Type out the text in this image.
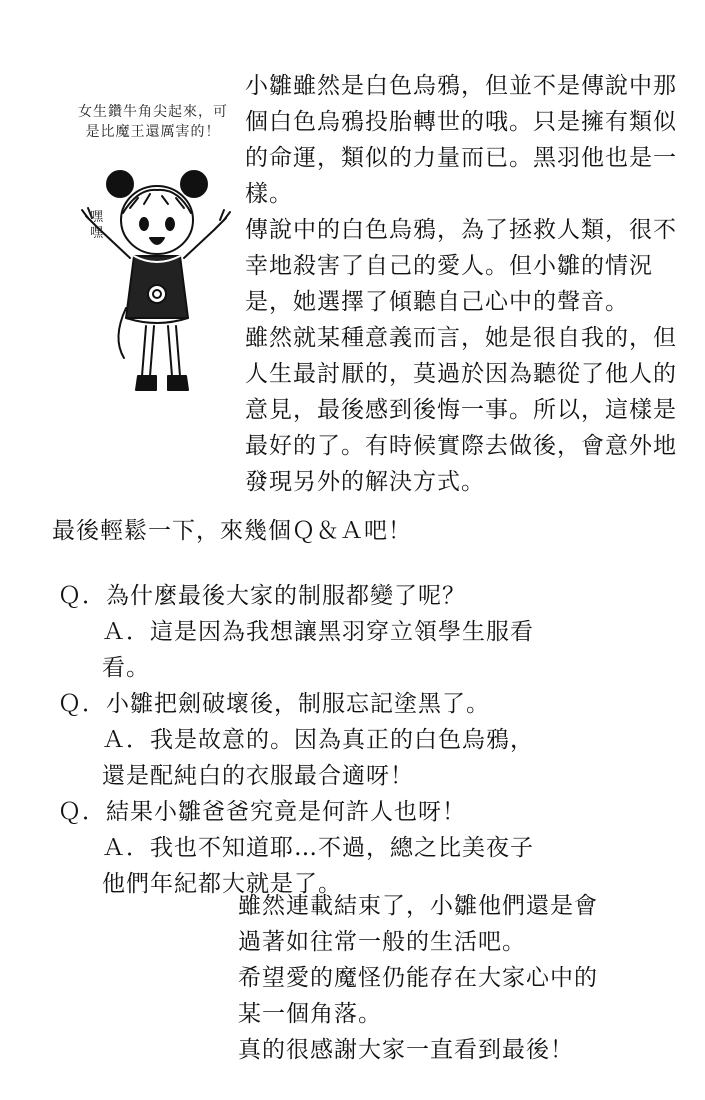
小雛雖然是白色烏鴉，但並不是傳說中那個白色烏鴉投胎轉世的哦。只是擁有類似的命運，類似的力量而已。黑羽他也是一樣。

傳說中的白色烏鴉，為了拯救人類，很不幸地殺害了自己的愛人。但小雛的情況是，她選擇了傾聽自己心中的聲音。

雖然就某種意義而言，她是很自我的，但人生最討厭的，莫過於因為聽從了他人的意見，最後感到後悔一事。所以，這樣是最好的了。有時候實際去做後，會意外地發現另外的解決方式。

女生鑽牛角尖起來，可是比魔王還厲害的！
嘿嘿
最後輕鬆一下，來幾個Ｑ＆Ａ吧！

Ｑ．為什麼最後大家的制服都變了呢？

Ａ．這是因為我想讓黑羽穿立領學生服看看。

Ｑ．小雛把劍破壞後，制服忘記塗黑了。

Ａ．我是故意的。因為真正的白色烏鴉，還是配純白的衣服最合適呀！

Ｑ．結果小雛爸爸究竟是何許人也呀！

Ａ．我也不知道耶…不過，總之比美夜子他們年紀都大就是了。

雖然連載結束了，小雛他們還是會

過著如往常一般的生活吧。

希望愛的魔怪仍能存在大家心中的

某一個角落。

真的很感謝大家一直看到最後！
